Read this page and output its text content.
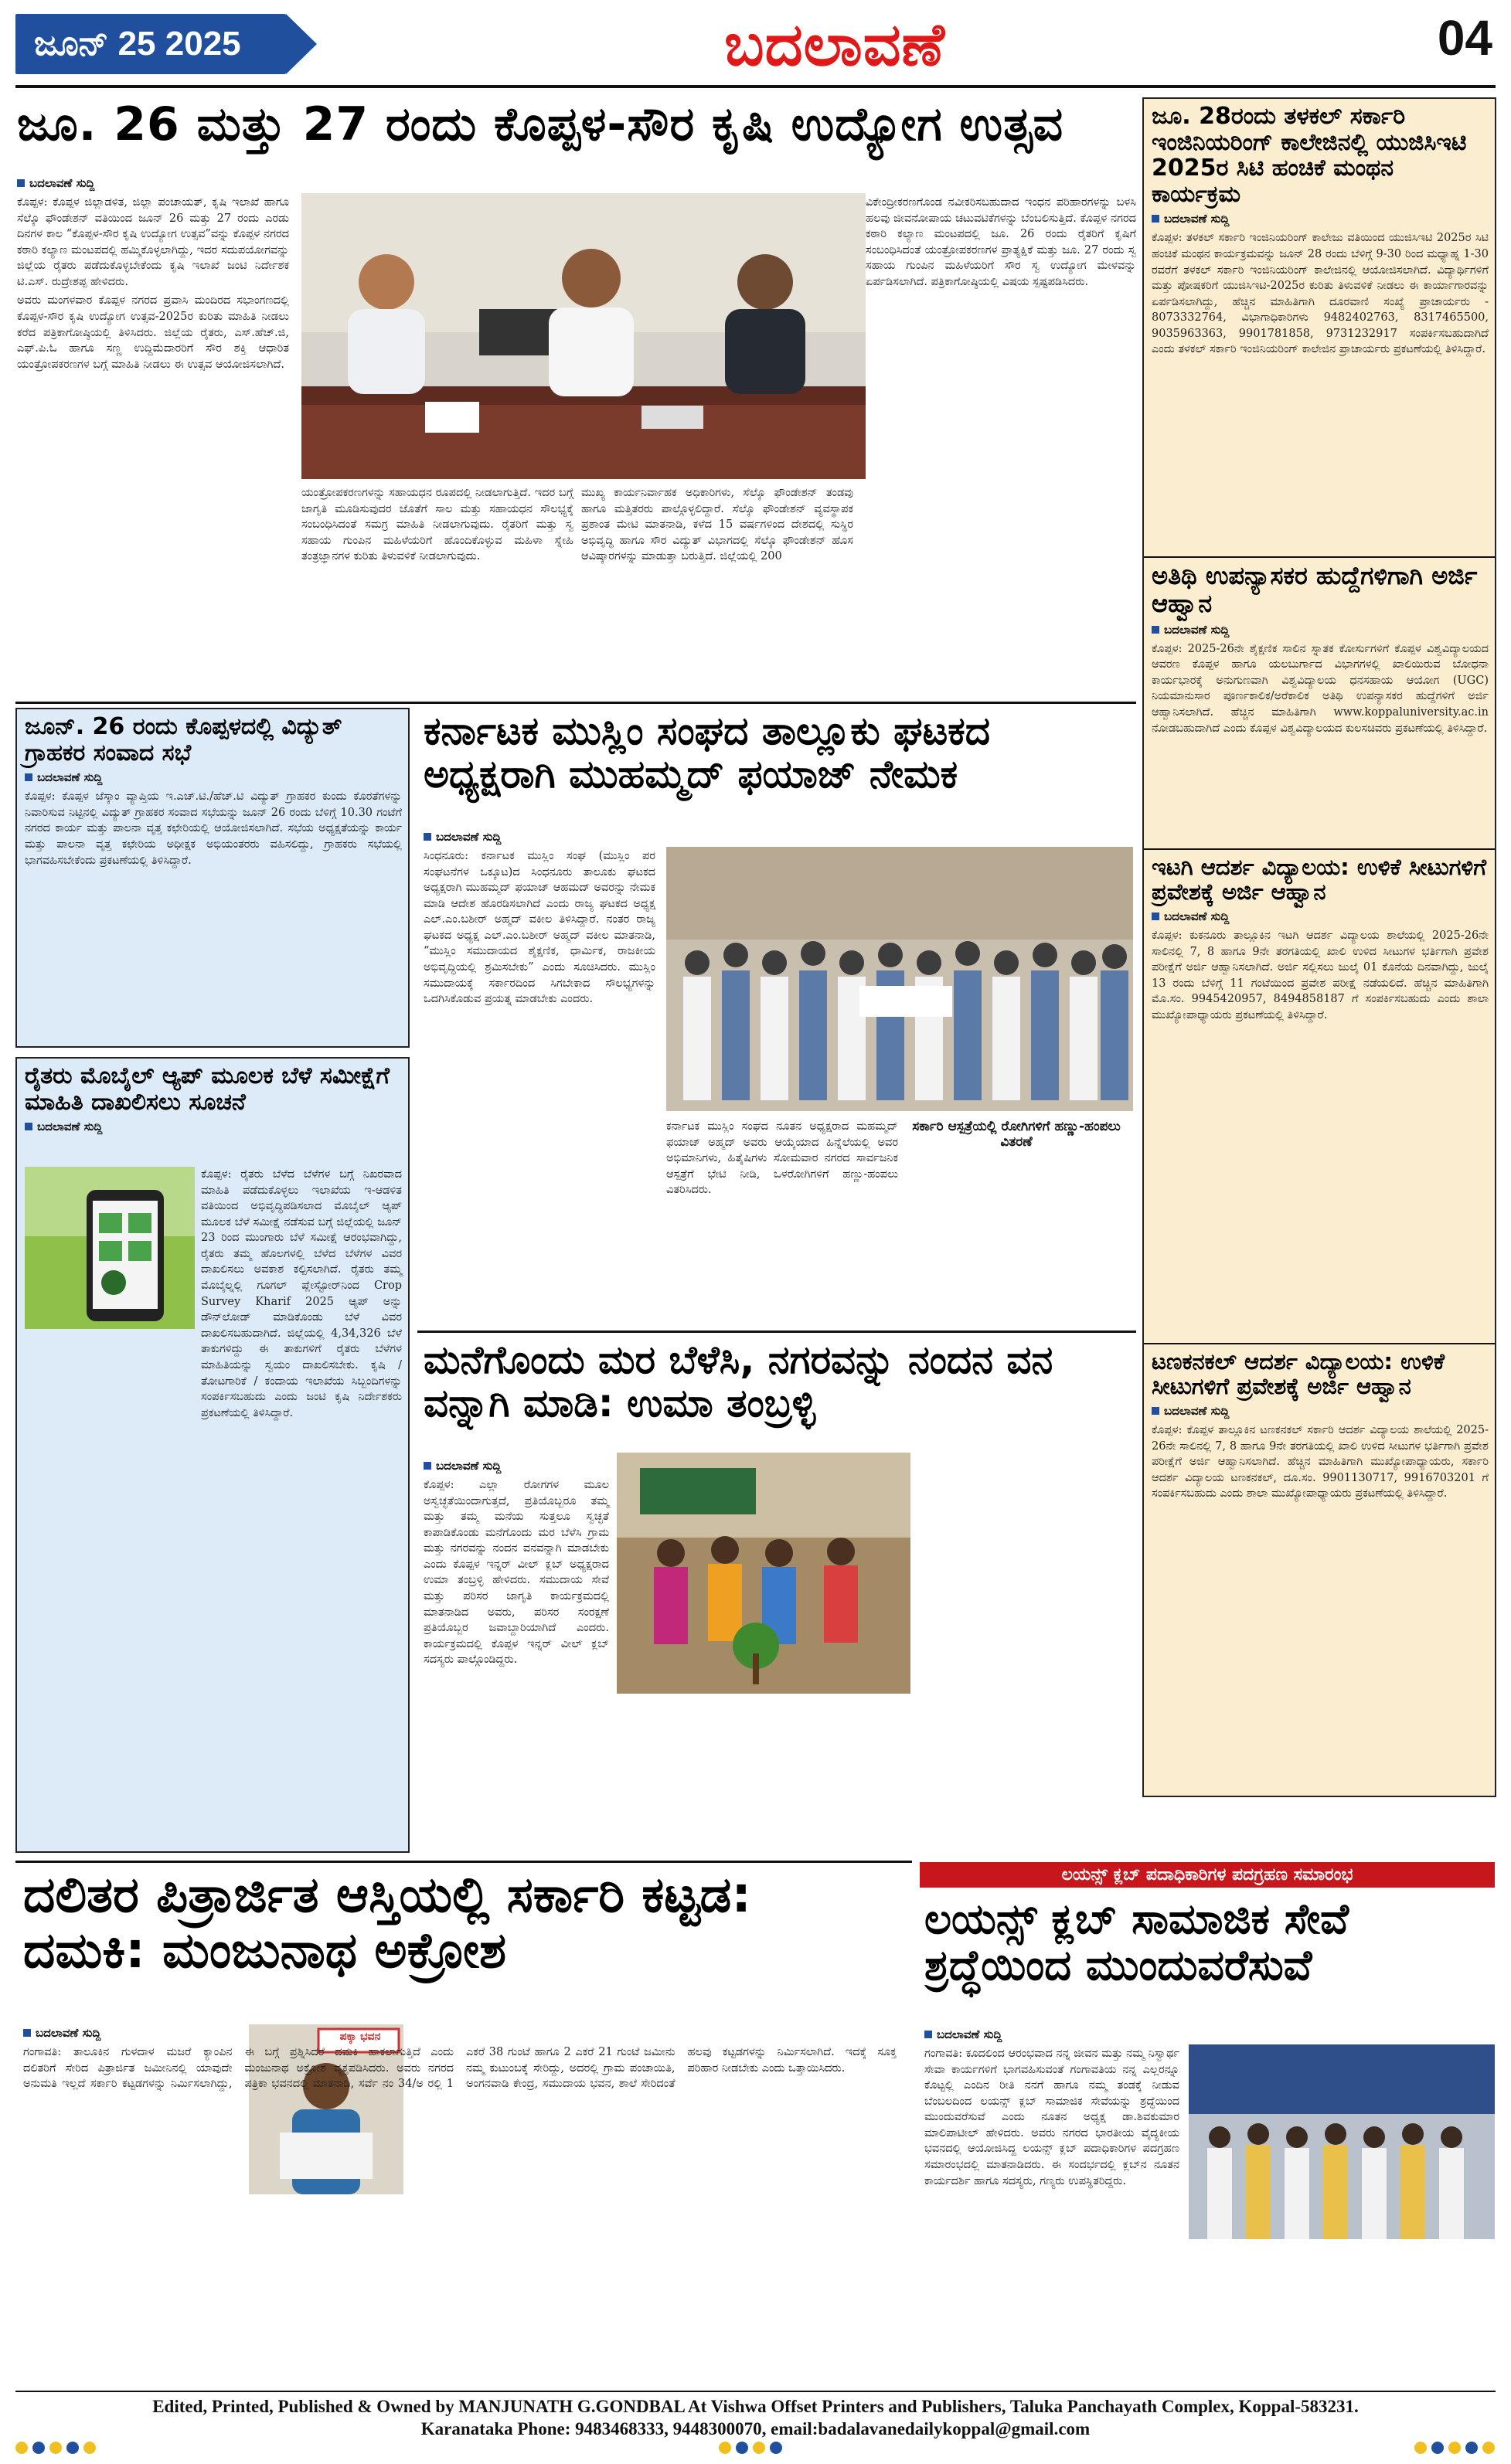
ಜೂನ್ 25 2025	ಬದಲಾವಣೆ	04
ಜೂ. 26 ಮತ್ತು 27 ರಂದು ಕೊಪ್ಪಳ-ಸೌರ ಕೃಷಿ ಉದ್ಯೋಗ ಉತ್ಸವ
ಬದಲಾವಣೆ ಸುದ್ದಿ

ಕೊಪ್ಪಳ: ಕೊಪ್ಪಳ ಜಿಲ್ಲಾಡಳಿತ, ಜಿಲ್ಲಾ ಪಂಚಾಯತ್, ಕೃಷಿ ಇಲಾಖೆ ಹಾಗೂ ಸೆಲ್ಕೊ ಫೌಂಡೇಶನ್ ವತಿಯಿಂದ ಜೂನ್ 26 ಮತ್ತು 27 ರಂದು ಎರಡು ದಿನಗಳ ಕಾಲ “ಕೊಪ್ಪಳ-ಸೌರ ಕೃಷಿ ಉದ್ಯೋಗ ಉತ್ಸವ”ವನ್ನು ಕೊಪ್ಪಳ ನಗರದ ಕಠಾರಿ ಕಲ್ಯಾಣ ಮಂಟಪದಲ್ಲಿ ಹಮ್ಮಿಕೊಳ್ಳಲಾಗಿದ್ದು, ಇದರ ಸದುಪಯೋಗವನ್ನು ಜಿಲ್ಲೆಯ ರೈತರು ಪಡೆದುಕೊಳ್ಳಬೇಕೆಂದು ಕೃಷಿ ಇಲಾಖೆ ಜಂಟಿ ನಿರ್ದೇಶಕ ಟಿ.ಎಸ್. ರುದ್ರೇಶಪ್ಪ ಹೇಳಿದರು.

ಅವರು ಮಂಗಳವಾರ ಕೊಪ್ಪಳ ನಗರದ ಪ್ರವಾಸಿ ಮಂದಿರದ ಸಭಾಂಗಣದಲ್ಲಿ ಕೊಪ್ಪಳ-ಸೌರ ಕೃಷಿ ಉದ್ಯೋಗ ಉತ್ಸವ-2025ರ ಕುರಿತು ಮಾಹಿತಿ ನೀಡಲು ಕರೆದ ಪತ್ರಿಕಾಗೋಷ್ಠಿಯಲ್ಲಿ ತಿಳಿಸಿದರು. ಜಿಲ್ಲೆಯ ರೈತರು, ಎಸ್.ಹೆಚ್.ಜಿ, ಎಫ್.ಪಿ.ಓ ಹಾಗೂ ಸಣ್ಣ ಉದ್ದಿಮೆದಾರರಿಗೆ ಸೌರ ಶಕ್ತಿ ಆಧಾರಿತ ಯಂತ್ರೋಪಕರಣಗಳ ಬಗ್ಗೆ ಮಾಹಿತಿ ನೀಡಲು ಈ ಉತ್ಸವ ಆಯೋಜಿಸಲಾಗಿದೆ.

ಯಂತ್ರೋಪಕರಣಗಳನ್ನು ಸಹಾಯಧನ ರೂಪದಲ್ಲಿ ನೀಡಲಾಗುತ್ತಿದೆ. ಇದರ ಬಗ್ಗೆ ಜಾಗೃತಿ ಮೂಡಿಸುವುದರ ಜೊತೆಗೆ ಸಾಲ ಮತ್ತು ಸಹಾಯಧನ ಸೌಲಭ್ಯಕ್ಕೆ ಸಂಬಂಧಿಸಿದಂತೆ ಸಮಗ್ರ ಮಾಹಿತಿ ನೀಡಲಾಗುವುದು. ರೈತರಿಗೆ ಮತ್ತು ಸ್ವ ಸಹಾಯ ಗುಂಪಿನ ಮಹಿಳೆಯರಿಗೆ ಹೊಂದಿಕೊಳ್ಳುವ ಮಹಿಳಾ ಸ್ನೇಹಿ ತಂತ್ರಜ್ಞಾನಗಳ ಕುರಿತು ತಿಳುವಳಿಕೆ ನೀಡಲಾಗುವುದು.
ಮುಖ್ಯ ಕಾರ್ಯನಿರ್ವಾಹಕ ಅಧಿಕಾರಿಗಳು, ಸೆಲ್ಕೊ ಫೌಂಡೇಶನ್ ತಂಡವು ಹಾಗೂ ಮತ್ತಿತರರು ಪಾಲ್ಗೊಳ್ಳಲಿದ್ದಾರೆ. ಸೆಲ್ಕೊ ಫೌಂಡೇಶನ್ ವ್ಯವಸ್ಥಾಪಕ ಪ್ರಶಾಂತ ಮೇಟಿ ಮಾತನಾಡಿ, ಕಳೆದ 15 ವರ್ಷಗಳಿಂದ ದೇಶದಲ್ಲಿ ಸುಸ್ಥಿರ ಅಭಿವೃದ್ಧಿ ಹಾಗೂ ಸೌರ ವಿದ್ಯುತ್ ವಿಭಾಗದಲ್ಲಿ ಸೆಲ್ಕೊ ಫೌಂಡೇಶನ್ ಹೊಸ ಆವಿಷ್ಕಾರಗಳನ್ನು ಮಾಡುತ್ತಾ ಬರುತ್ತಿದೆ. ಜಿಲ್ಲೆಯಲ್ಲಿ 200
ವಿಕೇಂದ್ರೀಕರಣಗೊಂಡ ನವೀಕರಿಸಬಹುದಾದ ಇಂಧನ ಪರಿಹಾರಗಳನ್ನು ಬಳಸಿ ಹಲವು ಜೀವನೋಪಾಯ ಚಟುವಟಿಕೆಗಳನ್ನು ಬೆಂಬಲಿಸುತ್ತಿದೆ. ಕೊಪ್ಪಳ ನಗರದ ಕಠಾರಿ ಕಲ್ಯಾಣ ಮಂಟಪದಲ್ಲಿ ಜೂ. 26 ರಂದು ರೈತರಿಗೆ ಕೃಷಿಗೆ ಸಂಬಂಧಿಸಿದಂತೆ ಯಂತ್ರೋಪಕರಣಗಳ ಪ್ರಾತ್ಯಕ್ಷಿಕೆ ಮತ್ತು ಜೂ. 27 ರಂದು ಸ್ವ ಸಹಾಯ ಗುಂಪಿನ ಮಹಿಳೆಯರಿಗೆ ಸೌರ ಸ್ವ ಉದ್ಯೋಗ ಮೇಳವನ್ನು ಏರ್ಪಡಿಸಲಾಗಿದೆ. ಪತ್ರಿಕಾಗೋಷ್ಠಿಯಲ್ಲಿ ವಿಷಯ ಸ್ಪಷ್ಟಪಡಿಸಿದರು.
ಜೂ. 28ರಂದು ತಳಕಲ್ ಸರ್ಕಾರಿ ಇಂಜಿನಿಯರಿಂಗ್ ಕಾಲೇಜಿನಲ್ಲಿ ಯುಜಿಸಿಇಟಿ 2025ರ ಸಿಟಿ ಹಂಚಿಕೆ ಮಂಥನ ಕಾರ್ಯಕ್ರಮ
ಬದಲಾವಣೆ ಸುದ್ದಿ
ಕೊಪ್ಪಳ: ತಳಕಲ್ ಸರ್ಕಾರಿ ಇಂಜಿನಿಯರಿಂಗ್ ಕಾಲೇಜು ವತಿಯಿಂದ ಯುಜಿಸಿಇಟಿ 2025ರ ಸಿಟಿ ಹಂಚಿಕೆ ಮಂಥನ ಕಾರ್ಯಕ್ರಮವನ್ನು ಜೂನ್ 28 ರಂದು ಬೆಳಿಗ್ಗೆ 9-30 ರಿಂದ ಮಧ್ಯಾಹ್ನ 1-30 ರವರೆಗೆ ತಳಕಲ್ ಸರ್ಕಾರಿ ಇಂಜಿನಿಯರಿಂಗ್ ಕಾಲೇಜಿನಲ್ಲಿ ಆಯೋಜಿಸಲಾಗಿದೆ. ವಿದ್ಯಾರ್ಥಿಗಳಿಗೆ ಮತ್ತು ಪೋಷಕರಿಗೆ ಯುಜಿಸಿಇಟಿ-2025ರ ಕುರಿತು ತಿಳುವಳಿಕೆ ನೀಡಲು ಈ ಕಾರ್ಯಾಗಾರವನ್ನು ಏರ್ಪಡಿಸಲಾಗಿದ್ದು, ಹೆಚ್ಚಿನ ಮಾಹಿತಿಗಾಗಿ ದೂರವಾಣಿ ಸಂಖ್ಯೆ ಪ್ರಾಚಾರ್ಯರು - 8073332764, ವಿಭಾಗಾಧಿಕಾರಿಗಳು 9482402763, 8317465500, 9035963363, 9901781858, 9731232917 ಸಂಪರ್ಕಿಸಬಹುದಾಗಿದೆ ಎಂದು ತಳಕಲ್ ಸರ್ಕಾರಿ ಇಂಜಿನಿಯರಿಂಗ್ ಕಾಲೇಜಿನ ಪ್ರಾಚಾರ್ಯರು ಪ್ರಕಟಣೆಯಲ್ಲಿ ತಿಳಿಸಿದ್ದಾರೆ.
ಅತಿಥಿ ಉಪನ್ಯಾಸಕರ ಹುದ್ದೆಗಳಿಗಾಗಿ ಅರ್ಜಿ ಆಹ್ವಾನ
ಬದಲಾವಣೆ ಸುದ್ದಿ
ಕೊಪ್ಪಳ: 2025-26ನೇ ಶೈಕ್ಷಣಿಕ ಸಾಲಿನ ಸ್ನಾತಕ ಕೋರ್ಸುಗಳಿಗೆ ಕೊಪ್ಪಳ ವಿಶ್ವವಿದ್ಯಾಲಯದ ಆವರಣ ಕೊಪ್ಪಳ ಹಾಗೂ ಯಲಬುರ್ಗಾದ ವಿಭಾಗಗಳಲ್ಲಿ ಖಾಲಿಯಿರುವ ಬೋಧನಾ ಕಾರ್ಯಭಾರಕ್ಕೆ ಅನುಗುಣವಾಗಿ ವಿಶ್ವವಿದ್ಯಾಲಯ ಧನಸಹಾಯ ಆಯೋಗ (UGC) ನಿಯಮಾನುಸಾರ ಪೂರ್ಣಕಾಲಿಕ/ಅರೆಕಾಲಿಕ ಅತಿಥಿ ಉಪನ್ಯಾಸಕರ ಹುದ್ದೆಗಳಿಗೆ ಅರ್ಜಿ ಆಹ್ವಾನಿಸಲಾಗಿದೆ. ಹೆಚ್ಚಿನ ಮಾಹಿತಿಗಾಗಿ www.koppaluniversity.ac.in ನೋಡಬಹುದಾಗಿದೆ ಎಂದು ಕೊಪ್ಪಳ ವಿಶ್ವವಿದ್ಯಾಲಯದ ಕುಲಸಚಿವರು ಪ್ರಕಟಣೆಯಲ್ಲಿ ತಿಳಿಸಿದ್ದಾರೆ.
ಇಟಗಿ ಆದರ್ಶ ವಿದ್ಯಾಲಯ: ಉಳಿಕೆ ಸೀಟುಗಳಿಗೆ ಪ್ರವೇಶಕ್ಕೆ ಅರ್ಜಿ ಆಹ್ವಾನ
ಬದಲಾವಣೆ ಸುದ್ದಿ
ಕೊಪ್ಪಳ: ಕುಕನೂರು ತಾಲ್ಲೂಕಿನ ಇಟಗಿ ಆದರ್ಶ ವಿದ್ಯಾಲಯ ಶಾಲೆಯಲ್ಲಿ 2025-26ನೇ ಸಾಲಿನಲ್ಲಿ 7, 8 ಹಾಗೂ 9ನೇ ತರಗತಿಯಲ್ಲಿ ಖಾಲಿ ಉಳಿದ ಸೀಟುಗಳ ಭರ್ತಿಗಾಗಿ ಪ್ರವೇಶ ಪರೀಕ್ಷೆಗೆ ಅರ್ಜಿ ಆಹ್ವಾನಿಸಲಾಗಿದೆ. ಅರ್ಜಿ ಸಲ್ಲಿಸಲು ಜುಲೈ 01 ಕೊನೆಯ ದಿನವಾಗಿದ್ದು, ಜುಲೈ 13 ರಂದು ಬೆಳಿಗ್ಗೆ 11 ಗಂಟೆಯಿಂದ ಪ್ರವೇಶ ಪರೀಕ್ಷೆ ನಡೆಯಲಿದೆ. ಹೆಚ್ಚಿನ ಮಾಹಿತಿಗಾಗಿ ಮೊ.ಸಂ. 9945420957, 8494858187 ಗೆ ಸಂಪರ್ಕಿಸಬಹುದು ಎಂದು ಶಾಲಾ ಮುಖ್ಯೋಪಾಧ್ಯಾಯರು ಪ್ರಕಟಣೆಯಲ್ಲಿ ತಿಳಿಸಿದ್ದಾರೆ.
ಟಣಕನಕಲ್ ಆದರ್ಶ ವಿದ್ಯಾಲಯ: ಉಳಿಕೆ ಸೀಟುಗಳಿಗೆ ಪ್ರವೇಶಕ್ಕೆ ಅರ್ಜಿ ಆಹ್ವಾನ
ಬದಲಾವಣೆ ಸುದ್ದಿ
ಕೊಪ್ಪಳ: ಕೊಪ್ಪಳ ತಾಲ್ಲೂಕಿನ ಟಣಕನಕಲ್ ಸರ್ಕಾರಿ ಆದರ್ಶ ವಿದ್ಯಾಲಯ ಶಾಲೆಯಲ್ಲಿ 2025-26ನೇ ಸಾಲಿನಲ್ಲಿ 7, 8 ಹಾಗೂ 9ನೇ ತರಗತಿಯಲ್ಲಿ ಖಾಲಿ ಉಳಿದ ಸೀಟುಗಳ ಭರ್ತಿಗಾಗಿ ಪ್ರವೇಶ ಪರೀಕ್ಷೆಗೆ ಅರ್ಜಿ ಆಹ್ವಾನಿಸಲಾಗಿದೆ. ಹೆಚ್ಚಿನ ಮಾಹಿತಿಗಾಗಿ ಮುಖ್ಯೋಪಾಧ್ಯಾಯರು, ಸರ್ಕಾರಿ ಆದರ್ಶ ವಿದ್ಯಾಲಯ ಟಣಕನಕಲ್, ದೂ.ಸಂ. 9901130717, 9916703201 ಗೆ ಸಂಪರ್ಕಿಸಬಹುದು ಎಂದು ಶಾಲಾ ಮುಖ್ಯೋಪಾಧ್ಯಾಯರು ಪ್ರಕಟಣೆಯಲ್ಲಿ ತಿಳಿಸಿದ್ದಾರೆ.
ಜೂನ್. 26 ರಂದು ಕೊಪ್ಪಳದಲ್ಲಿ ವಿದ್ಯುತ್ ಗ್ರಾಹಕರ ಸಂವಾದ ಸಭೆ
ಬದಲಾವಣೆ ಸುದ್ದಿ
ಕೊಪ್ಪಳ: ಕೊಪ್ಪಳ ಜೆಸ್ಕಾಂ ವ್ಯಾಪ್ತಿಯ ಇ.ಎಚ್.ಟಿ./ಹೆಚ್.ಟಿ ವಿದ್ಯುತ್ ಗ್ರಾಹಕರ ಕುಂದು ಕೊರತೆಗಳನ್ನು ನಿವಾರಿಸುವ ನಿಟ್ಟಿನಲ್ಲಿ ವಿದ್ಯುತ್ ಗ್ರಾಹಕರ ಸಂವಾದ ಸಭೆಯನ್ನು ಜೂನ್ 26 ರಂದು ಬೆಳಿಗ್ಗೆ 10.30 ಗಂಟೆಗೆ ನಗರದ ಕಾರ್ಯ ಮತ್ತು ಪಾಲನಾ ವೃತ್ತ ಕಛೇರಿಯಲ್ಲಿ ಆಯೋಜಿಸಲಾಗಿದೆ. ಸಭೆಯ ಅಧ್ಯಕ್ಷತೆಯನ್ನು ಕಾರ್ಯ ಮತ್ತು ಪಾಲನಾ ವೃತ್ತ ಕಛೇರಿಯ ಅಧೀಕ್ಷಕ ಅಭಿಯಂತರರು ವಹಿಸಲಿದ್ದು, ಗ್ರಾಹಕರು ಸಭೆಯಲ್ಲಿ ಭಾಗವಹಿಸಬೇಕೆಂದು ಪ್ರಕಟಣೆಯಲ್ಲಿ ತಿಳಿಸಿದ್ದಾರೆ.
ರೈತರು ಮೊಬೈಲ್ ಆ್ಯಪ್ ಮೂಲಕ ಬೆಳೆ ಸಮೀಕ್ಷೆಗೆ ಮಾಹಿತಿ ದಾಖಲಿಸಲು ಸೂಚನೆ
ಬದಲಾವಣೆ ಸುದ್ದಿ
ಕೊಪ್ಪಳ: ರೈತರು ಬೆಳೆದ ಬೆಳೆಗಳ ಬಗ್ಗೆ ನಿಖರವಾದ ಮಾಹಿತಿ ಪಡೆದುಕೊಳ್ಳಲು ಇಲಾಖೆಯ ಇ-ಆಡಳಿತ ವತಿಯಿಂದ ಅಭಿವೃದ್ಧಿಪಡಿಸಲಾದ ಮೊಬೈಲ್ ಆ್ಯಪ್ ಮೂಲಕ ಬೆಳೆ ಸಮೀಕ್ಷೆ ನಡೆಸುವ ಬಗ್ಗೆ ಜಿಲ್ಲೆಯಲ್ಲಿ ಜೂನ್ 23 ರಿಂದ ಮುಂಗಾರು ಬೆಳೆ ಸಮೀಕ್ಷೆ ಆರಂಭವಾಗಿದ್ದು, ರೈತರು ತಮ್ಮ ಹೊಲಗಳಲ್ಲಿ ಬೆಳೆದ ಬೆಳೆಗಳ ವಿವರ ದಾಖಲಿಸಲು ಅವಕಾಶ ಕಲ್ಪಿಸಲಾಗಿದೆ. ರೈತರು ತಮ್ಮ ಮೊಬೈಲ್ನಲ್ಲಿ ಗೂಗಲ್ ಪ್ಲೇಸ್ಟೋರ್‌ನಿಂದ Crop Survey Kharif 2025 ಆ್ಯಪ್ ಅನ್ನು ಡೌನ್‌ಲೋಡ್ ಮಾಡಿಕೊಂಡು ಬೆಳೆ ವಿವರ ದಾಖಲಿಸಬಹುದಾಗಿದೆ. ಜಿಲ್ಲೆಯಲ್ಲಿ 4,34,326 ಬೆಳೆ ತಾಕುಗಳಿದ್ದು ಈ ತಾಕುಗಳಿಗೆ ರೈತರು ಬೆಳೆಗಳ ಮಾಹಿತಿಯನ್ನು ಸ್ವಯಂ ದಾಖಲಿಸಬೇಕು. ಕೃಷಿ / ತೋಟಗಾರಿಕೆ / ಕಂದಾಯ ಇಲಾಖೆಯ ಸಿಬ್ಬಂದಿಗಳನ್ನು ಸಂಪರ್ಕಿಸಬಹುದು ಎಂದು ಜಂಟಿ ಕೃಷಿ ನಿರ್ದೇಶಕರು ಪ್ರಕಟಣೆಯಲ್ಲಿ ತಿಳಿಸಿದ್ದಾರೆ.
ಕರ್ನಾಟಕ ಮುಸ್ಲಿಂ ಸಂಘದ ತಾಲ್ಲೂಕು ಘಟಕದ ಅಧ್ಯಕ್ಷರಾಗಿ ಮುಹಮ್ಮದ್ ಫಯಾಜ್ ನೇಮಕ
ಬದಲಾವಣೆ ಸುದ್ದಿ
ಸಿಂಧನೂರು: ಕರ್ನಾಟಕ ಮುಸ್ಲಿಂ ಸಂಘ (ಮುಸ್ಲಿಂ ಪರ ಸಂಘಟನೆಗಳ ಒಕ್ಕೂಟ)ದ ಸಿಂಧನೂರು ತಾಲೂಕು ಘಟಕದ ಅಧ್ಯಕ್ಷರಾಗಿ ಮುಹಮ್ಮದ್ ಫಯಾಜ್ ಆಹಮದ್ ಅವರನ್ನು ನೇಮಕ ಮಾಡಿ ಆದೇಶ ಹೊರಡಿಸಲಾಗಿದೆ ಎಂದು ರಾಜ್ಯ ಘಟಕದ ಅಧ್ಯಕ್ಷ ಎಲ್.ಎಂ.ಬಶೀರ್ ಅಹ್ಮದ್ ವಕೀಲ ತಿಳಿಸಿದ್ದಾರೆ. ನಂತರ ರಾಜ್ಯ ಘಟಕದ ಅಧ್ಯಕ್ಷ ಎಲ್.ಎಂ.ಬಶೀರ್ ಅಹ್ಮದ್ ವಕೀಲ ಮಾತನಾಡಿ, “ಮುಸ್ಲಿಂ ಸಮುದಾಯದ ಶೈಕ್ಷಣಿಕ, ಧಾರ್ಮಿಕ, ರಾಜಕೀಯ ಅಭಿವೃದ್ಧಿಯಲ್ಲಿ ಶ್ರಮಿಸಬೇಕು” ಎಂದು ಸೂಚಿಸಿದರು. ಮುಸ್ಲಿಂ ಸಮುದಾಯಕ್ಕೆ ಸರ್ಕಾರದಿಂದ ಸಿಗಬೇಕಾದ ಸೌಲಭ್ಯಗಳನ್ನು ಒದಗಿಸಿಕೊಡುವ ಪ್ರಯತ್ನ ಮಾಡಬೇಕು ಎಂದರು.
ಕರ್ನಾಟಕ ಮುಸ್ಲಿಂ ಸಂಘದ ನೂತನ ಅಧ್ಯಕ್ಷರಾದ ಮಹಮ್ಮದ್ ಫಯಾಜ್ ಅಹ್ಮದ್ ಅವರು ಆಯ್ಕೆಯಾದ ಹಿನ್ನೆಲೆಯಲ್ಲಿ ಅವರ ಅಭಿಮಾನಿಗಳು, ಹಿತೈಷಿಗಳು ಸೋಮವಾರ ನಗರದ ಸಾರ್ವಜನಿಕ ಆಸ್ಪತ್ರೆಗೆ ಭೇಟಿ ನೀಡಿ, ಒಳರೋಗಿಗಳಿಗೆ ಹಣ್ಣು-ಹಂಪಲು ವಿತರಿಸಿದರು.
ಸರ್ಕಾರಿ ಆಸ್ಪತ್ರೆಯಲ್ಲಿ ರೋಗಿಗಳಿಗೆ ಹಣ್ಣು-ಹಂಪಲು ವಿತರಣೆ
ಮನೆಗೊಂದು ಮರ ಬೆಳೆಸಿ, ನಗರವನ್ನು ನಂದನ ವನ ವನ್ನಾಗಿ ಮಾಡಿ: ಉಮಾ ತಂಬ್ರಳ್ಳಿ
ಬದಲಾವಣೆ ಸುದ್ದಿ
ಕೊಪ್ಪಳ: ಎಲ್ಲಾ ರೋಗಗಳ ಮೂಲ ಅಸ್ವಚ್ಛತೆಯಿಂದಾಗುತ್ತದೆ, ಪ್ರತಿಯೊಬ್ಬರೂ ತಮ್ಮ ಮತ್ತು ತಮ್ಮ ಮನೆಯ ಸುತ್ತಲೂ ಸ್ವಚ್ಛತೆ ಕಾಪಾಡಿಕೊಂಡು ಮನೆಗೊಂದು ಮರ ಬೆಳೆಸಿ ಗ್ರಾಮ ಮತ್ತು ನಗರವನ್ನು ನಂದನ ವನವನ್ನಾಗಿ ಮಾಡಬೇಕು ಎಂದು ಕೊಪ್ಪಳ ಇನ್ನರ್ ವೀಲ್ ಕ್ಲಬ್ ಅಧ್ಯಕ್ಷರಾದ ಉಮಾ ತಂಬ್ರಳ್ಳಿ ಹೇಳಿದರು. ಸಮುದಾಯ ಸೇವೆ ಮತ್ತು ಪರಿಸರ ಜಾಗೃತಿ ಕಾರ್ಯಕ್ರಮದಲ್ಲಿ ಮಾತನಾಡಿದ ಅವರು, ಪರಿಸರ ಸಂರಕ್ಷಣೆ ಪ್ರತಿಯೊಬ್ಬರ ಜವಾಬ್ದಾರಿಯಾಗಿದೆ ಎಂದರು. ಕಾರ್ಯಕ್ರಮದಲ್ಲಿ ಕೊಪ್ಪಳ ಇನ್ನರ್ ವೀಲ್ ಕ್ಲಬ್ ಸದಸ್ಯರು ಪಾಲ್ಗೊಂಡಿದ್ದರು.
ದಲಿತರ ಪಿತ್ರಾರ್ಜಿತ ಆಸ್ತಿಯಲ್ಲಿ ಸರ್ಕಾರಿ ಕಟ್ಟಡ: ದಮಕಿ: ಮಂಜುನಾಥ ಅಕ್ರೋಶ
ಬದಲಾವಣೆ ಸುದ್ದಿ	ಪಕ್ಕಾ ಭವನ
ಗಂಗಾವತಿ: ತಾಲೂಕಿನ ಗುಳದಾಳ ಮಜರೆ ಕ್ಯಾಂಪಿನ ದಲಿತರಿಗೆ ಸೇರಿದ ಪಿತ್ರಾರ್ಜಿತ ಜಮೀನಿನಲ್ಲಿ ಯಾವುದೇ ಅನುಮತಿ ಇಲ್ಲದೆ ಸರ್ಕಾರಿ ಕಟ್ಟಡಗಳನ್ನು ನಿರ್ಮಿಸಲಾಗಿದ್ದು, ಈ ಬಗ್ಗೆ ಪ್ರಶ್ನಿಸಿದರೆ ದಮಕಿ ಹಾಕಲಾಗುತ್ತಿದೆ ಎಂದು ಮಂಜುನಾಥ ಅಕ್ರೋಶ ವ್ಯಕ್ತಪಡಿಸಿದರು. ಅವರು ನಗರದ ಪತ್ರಿಕಾ ಭವನದಲ್ಲಿ ಮಾತನಾಡಿ, ಸರ್ವೆ ನಂ 34/ಅ ರಲ್ಲಿ 1 ಎಕರೆ 38 ಗುಂಟೆ ಹಾಗೂ 2 ಎಕರೆ 21 ಗುಂಟೆ ಜಮೀನು ನಮ್ಮ ಕುಟುಂಬಕ್ಕೆ ಸೇರಿದ್ದು, ಅದರಲ್ಲಿ ಗ್ರಾಮ ಪಂಚಾಯಿತಿ, ಅಂಗನವಾಡಿ ಕೇಂದ್ರ, ಸಮುದಾಯ ಭವನ, ಶಾಲೆ ಸೇರಿದಂತೆ ಹಲವು ಕಟ್ಟಡಗಳನ್ನು ನಿರ್ಮಿಸಲಾಗಿದೆ. ಇದಕ್ಕೆ ಸೂಕ್ತ ಪರಿಹಾರ ನೀಡಬೇಕು ಎಂದು ಒತ್ತಾಯಿಸಿದರು.
ಲಯನ್ಸ್ ಕ್ಲಬ್ ಪದಾಧಿಕಾರಿಗಳ ಪದಗ್ರಹಣ ಸಮಾರಂಭ
ಲಯನ್ಸ್ ಕ್ಲಬ್ ಸಾಮಾಜಿಕ ಸೇವೆ ಶ್ರದ್ಧೆಯಿಂದ ಮುಂದುವರೆಸುವೆ
ಬದಲಾವಣೆ ಸುದ್ದಿ
ಗಂಗಾವತಿ: ಕೂದಲಿಂದ ಆರಂಭವಾದ ನನ್ನ ಜೀವನ ಮತ್ತು ನಮ್ಮ ನಿಸ್ವಾರ್ಥ ಸೇವಾ ಕಾರ್ಯಗಳಿಗೆ ಭಾಗವಹಿಸುವಂತೆ ಗಂಗಾವತಿಯ ನನ್ನ ಎಲ್ಲರನ್ನೂ ಕೊಟ್ಟಲ್ಲಿ ಎಂದಿನ ರೀತಿ ನನಗೆ ಹಾಗೂ ನಮ್ಮ ತಂಡಕ್ಕೆ ನೀಡುವ ಬೆಂಬಲದಿಂದ ಲಯನ್ಸ್ ಕ್ಲಬ್ ಸಾಮಾಜಿಕ ಸೇವೆಯನ್ನು ಶ್ರದ್ಧೆಯಿಂದ ಮುಂದುವರೆಸುವೆ ಎಂದು ನೂತನ ಅಧ್ಯಕ್ಷ ಡಾ.ಶಿವಕುಮಾರ ಮಾಲಿಪಾಟೀಲ್ ಹೇಳಿದರು. ಅವರು ನಗರದ ಭಾರತೀಯ ವೈದ್ಯಕೀಯ ಭವನದಲ್ಲಿ ಆಯೋಜಿಸಿದ್ದ ಲಯನ್ಸ್ ಕ್ಲಬ್ ಪದಾಧಿಕಾರಿಗಳ ಪದಗ್ರಹಣ ಸಮಾರಂಭದಲ್ಲಿ ಮಾತನಾಡಿದರು. ಈ ಸಂದರ್ಭದಲ್ಲಿ ಕ್ಲಬ್‌ನ ನೂತನ ಕಾರ್ಯದರ್ಶಿ ಹಾಗೂ ಸದಸ್ಯರು, ಗಣ್ಯರು ಉಪಸ್ಥಿತರಿದ್ದರು.
Edited, Printed, Published & Owned by MANJUNATH G.GONDBAL At Vishwa Offset Printers and Publishers, Taluka Panchayath Complex, Koppal-583231.
Karanataka Phone: 9483468333, 9448300070, email:badalavanedailykoppal@gmail.com
